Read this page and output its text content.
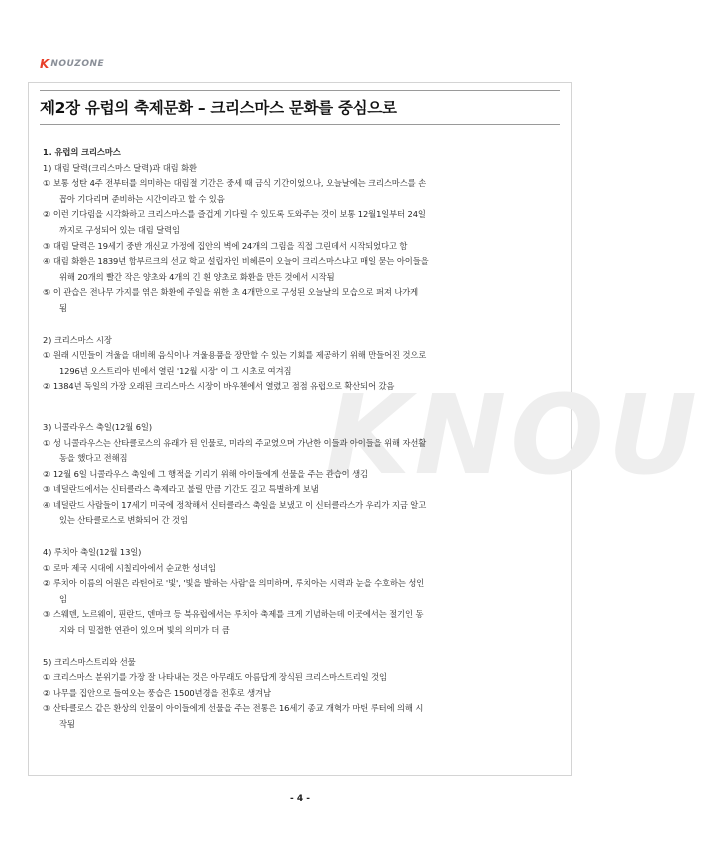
K NOUZONE
KNOU
제2장 유럽의 축제문화 – 크리스마스 문화를 중심으로
1. 유럽의 크리스마스
1) 대림 달력(크리스마스 달력)과 대림 화환
① 보통 성탄 4주 전부터를 의미하는 대림절 기간은 중세 때 금식 기간이었으나, 오늘날에는 크리스마스를 손
꼽아 기다리며 준비하는 시간이라고 할 수 있음
② 이런 기다림을 시각화하고 크리스마스를 즐겁게 기다릴 수 있도록 도와주는 것이 보통 12월1일부터 24일
까지로 구성되어 있는 대림 달력임
③ 대림 달력은 19세기 중반 개신교 가정에 집안의 벽에 24개의 그림을 직접 그린데서 시작되었다고 함
④ 대림 화환은 1839년 함부르크의 선교 학교 설립자인 비헤른이 오늘이 크리스마스냐고 매일 묻는 아이들을
위해 20개의 빨간 작은 양초와 4개의 긴 흰 양초로 화환을 만든 것에서 시작됨
⑤ 이 관습은 전나무 가지를 엮은 화환에 주일을 위한 초 4개만으로 구성된 오늘날의 모습으로 퍼져 나가게
됨
2) 크리스마스 시장
① 원래 시민들이 겨울을 대비해 음식이나 겨울용품을 장만할 수 있는 기회를 제공하기 위해 만들어진 것으로
1296년 오스트리아 빈에서 열린 '12월 시장' 이 그 시초로 여겨짐
② 1384년 독일의 가장 오래된 크리스마스 시장이 바우첸에서 열렸고 점점 유럽으로 확산되어 갔음
3) 니콜라우스 축일(12월 6일)
① 성 니콜라우스는 산타클로스의 유래가 된 인물로, 미라의 주교였으며 가난한 이들과 아이들을 위해 자선활
동을 했다고 전해짐
② 12월 6일 니콜라우스 축일에 그 행적을 기리기 위해 아이들에게 선물을 주는 관습이 생김
③ 네덜란드에서는 신터클라스 축제라고 불릴 만큼 기간도 길고 특별하게 보냄
④ 네덜란드 사람들이 17세기 미국에 정착해서 신터클라스 축일을 보냈고 이 신터클라스가 우리가 지금 알고
있는 산타클로스로 변화되어 간 것임
4) 루치아 축일(12월 13일)
① 로마 제국 시대에 시칠리아에서 순교한 성녀임
② 루치아 이름의 어원은 라틴어로 '빛', '빛을 발하는 사람'을 의미하며, 루치아는 시력과 눈을 수호하는 성인
임
③ 스웨덴, 노르웨이, 핀란드, 덴마크 등 북유럽에서는 루치아 축제를 크게 기념하는데 이곳에서는 절기인 동
지와 더 밀접한 연관이 있으며 빛의 의미가 더 큼
5) 크리스마스트리와 선물
① 크리스마스 분위기를 가장 잘 나타내는 것은 아무래도 아름답게 장식된 크리스마스트리일 것임
② 나무를 집안으로 들여오는 풍습은 1500년경을 전후로 생겨남
③ 산타클로스 같은 환상의 인물이 아이들에게 선물을 주는 전통은 16세기 종교 개혁가 마틴 루터에 의해 시
작됨
- 4 -
